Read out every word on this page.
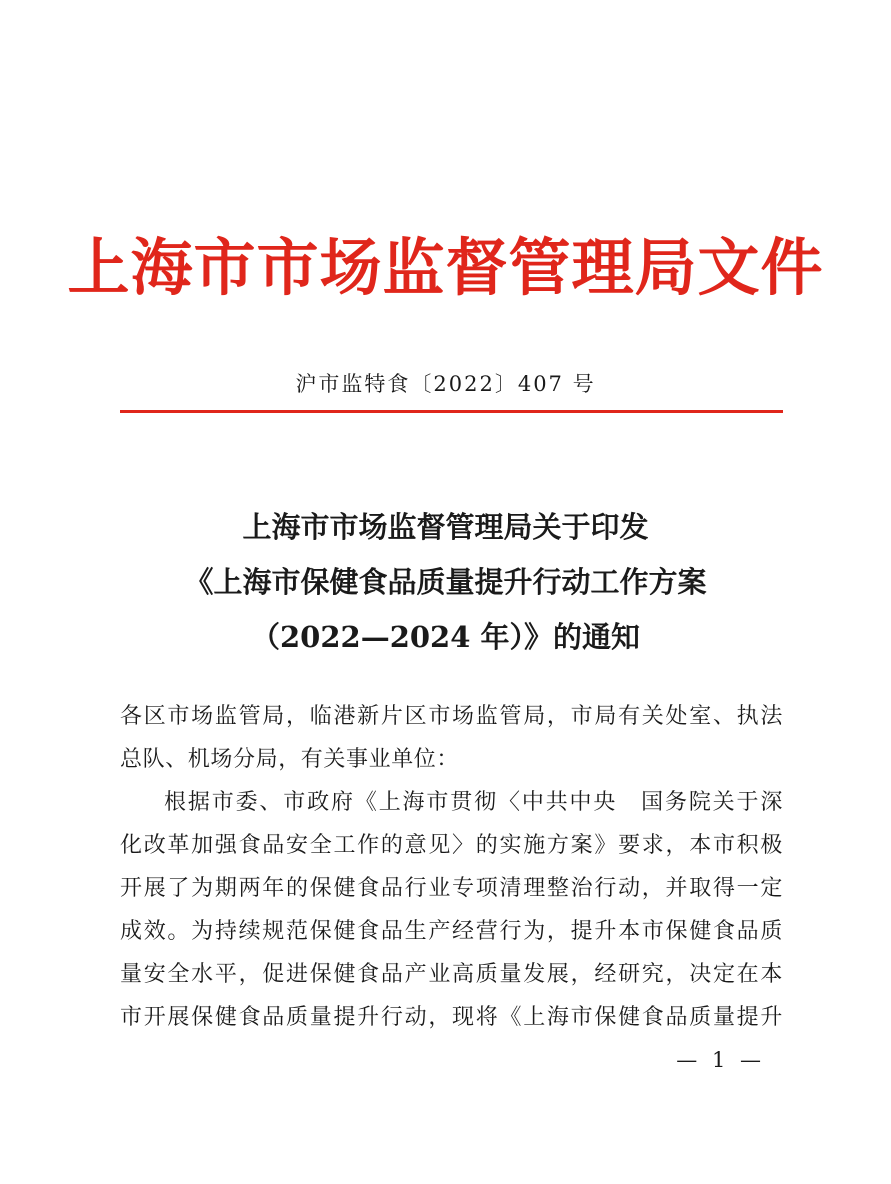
上海市市场监督管理局文件
沪市监特食〔2022〕407 号
上海市市场监督管理局关于印发
《上海市保健食品质量提升行动工作方案
（2022—2024 年）》的通知
各区市场监管局，临港新片区市场监管局，市局有关处室、执法
总队、机场分局，有关事业单位：
根据市委、市政府《上海市贯彻〈中共中央　国务院关于深
化改革加强食品安全工作的意见〉的实施方案》要求，本市积极
开展了为期两年的保健食品行业专项清理整治行动，并取得一定
成效。为持续规范保健食品生产经营行为，提升本市保健食品质
量安全水平，促进保健食品产业高质量发展，经研究，决定在本
市开展保健食品质量提升行动，现将《上海市保健食品质量提升
— 1 —
